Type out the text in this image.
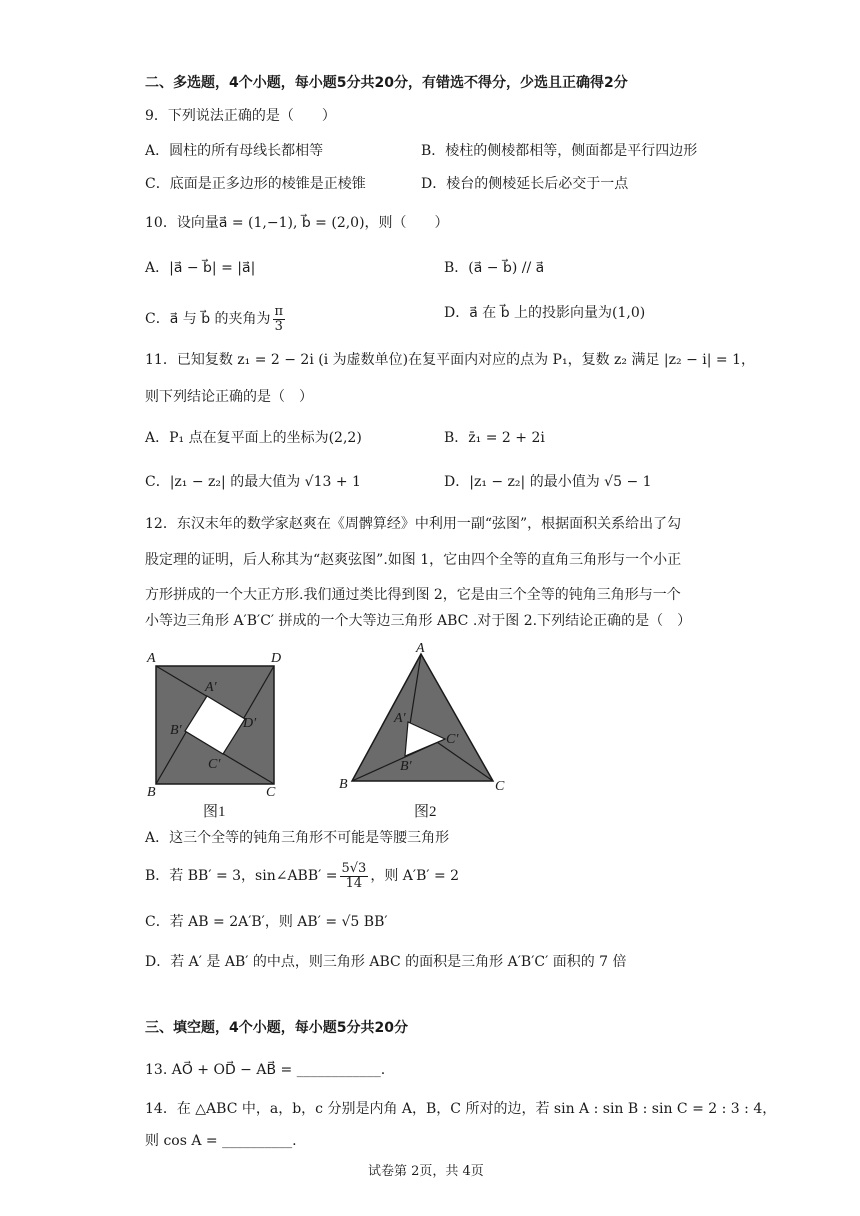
二、多选题，4个小题，每小题5分共20分，有错选不得分，少选且正确得2分
9．下列说法正确的是（　　）
A．圆柱的所有母线长都相等	B．棱柱的侧棱都相等，侧面都是平行四边形
C．底面是正多边形的棱锥是正棱锥	D．棱台的侧棱延长后必交于一点
10．设向量a⃗ = (1,−1), b⃗ = (2,0)，则（　　）
A．|a⃗ − b⃗| = |a⃗|	B．(a⃗ − b⃗) // a⃗
C．a⃗ 与 b⃗ 的夹角为 $\frac{\pi}{3}$	D．a⃗ 在 b⃗ 上的投影向量为(1,0)
11．已知复数 z₁ = 2 − 2i (i 为虚数单位)在复平面内对应的点为 P₁，复数 z₂ 满足 |z₂ − i| = 1，
则下列结论正确的是（　）
A．P₁ 点在复平面上的坐标为(2,2)	B．z̄₁ = 2 + 2i
C．|z₁ − z₂| 的最大值为 √13 + 1	D．|z₁ − z₂| 的最小值为 √5 − 1
12．东汉末年的数学家赵爽在《周髀算经》中利用一副“弦图”，根据面积关系给出了勾
股定理的证明，后人称其为“赵爽弦图”.如图 1，它由四个全等的直角三角形与一个小正
方形拼成的一个大正方形.我们通过类比得到图 2，它是由三个全等的钝角三角形与一个
小等边三角形 A′B′C′ 拼成的一个大等边三角形 ABC .对于图 2.下列结论正确的是（　）
A	D
B	C
A′
D′
B′
C′
图1
A
B	C
A′
C′
B′
图2
A．这三个全等的钝角三角形不可能是等腰三角形
B．若 BB′ = 3，sin∠ABB′ = $\frac{5√3}{14}$ ，则 A′B′ = 2
C．若 AB = 2A′B′，则 AB′ = √5 BB′
D．若 A′ 是 AB′ 的中点，则三角形 ABC 的面积是三角形 A′B′C′ 面积的 7 倍
三、填空题，4个小题，每小题5分共20分
13. AO⃗ + OD⃗ − AB⃗ = ____________.
14．在 △ABC 中，a，b，c 分别是内角 A，B，C 所对的边，若 sin A : sin B : sin C = 2 : 3 : 4，
则 cos A = __________.
试卷第 2页，共 4页
